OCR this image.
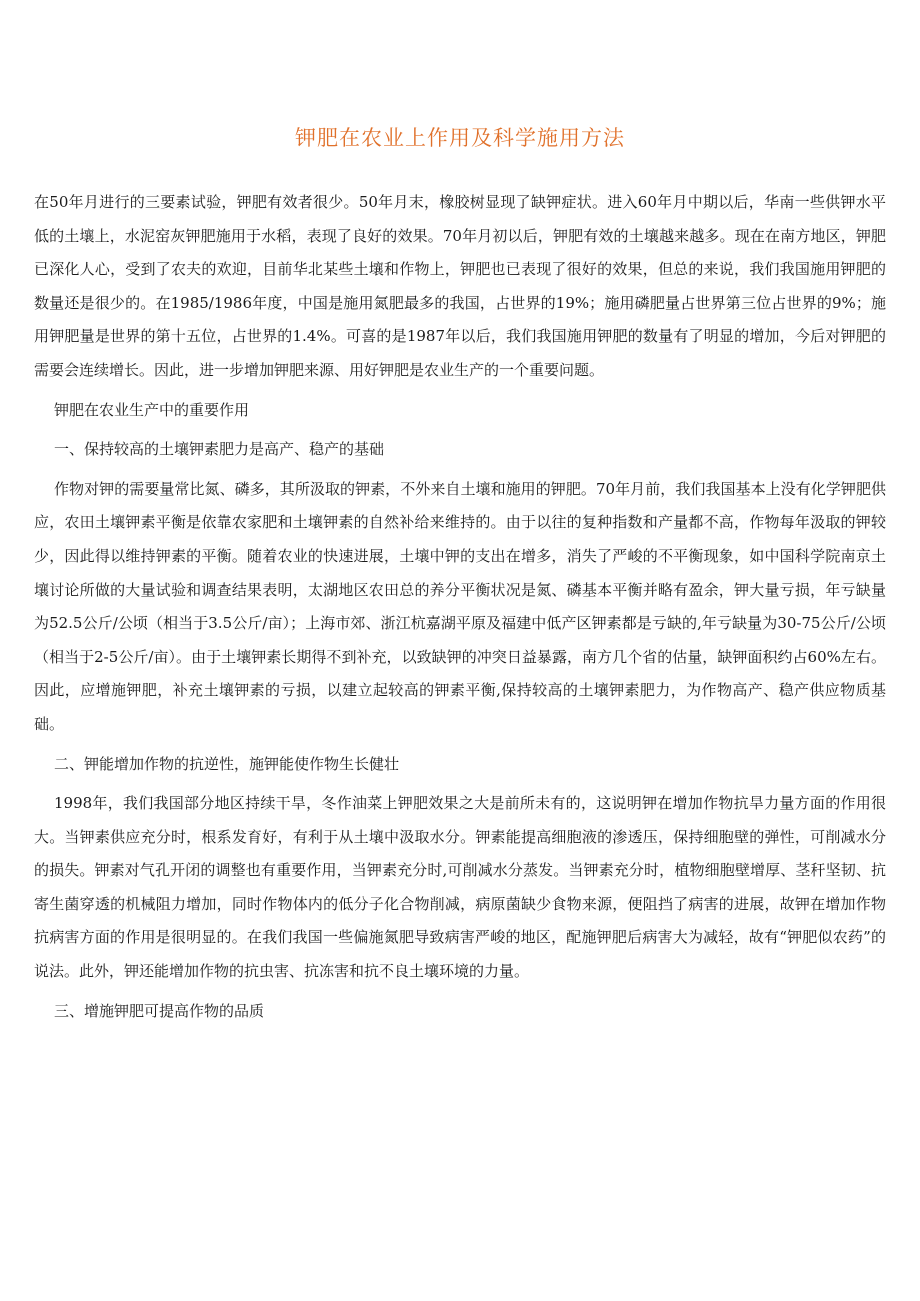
钾肥在农业上作用及科学施用方法

在50年月进行的三要素试验，钾肥有效者很少。50年月末，橡胶树显现了缺钾症状。进入60年月中期以后，华南一些供钾水平低的土壤上，水泥窑灰钾肥施用于水稻，表现了良好的效果。70年月初以后，钾肥有效的土壤越来越多。现在在南方地区，钾肥已深化人心，受到了农夫的欢迎，目前华北某些土壤和作物上，钾肥也已表现了很好的效果，但总的来说，我们我国施用钾肥的数量还是很少的。在1985/1986年度，中国是施用氮肥最多的我国，占世界的19%；施用磷肥量占世界第三位占世界的9%；施用钾肥量是世界的第十五位，占世界的1.4%。可喜的是1987年以后，我们我国施用钾肥的数量有了明显的增加，今后对钾肥的需要会连续增长。因此，进一步增加钾肥来源、用好钾肥是农业生产的一个重要问题。

钾肥在农业生产中的重要作用

一、保持较高的土壤钾素肥力是高产、稳产的基础

作物对钾的需要量常比氮、磷多，其所汲取的钾素，不外来自土壤和施用的钾肥。70年月前，我们我国基本上没有化学钾肥供应，农田土壤钾素平衡是依靠农家肥和土壤钾素的自然补给来维持的。由于以往的复种指数和产量都不高，作物每年汲取的钾较少，因此得以维持钾素的平衡。随着农业的快速进展，土壤中钾的支出在增多，消失了严峻的不平衡现象，如中国科学院南京土壤讨论所做的大量试验和调查结果表明，太湖地区农田总的养分平衡状况是氮、磷基本平衡并略有盈余，钾大量亏损，年亏缺量为52.5公斤/公顷（相当于3.5公斤/亩）；上海市郊、浙江杭嘉湖平原及福建中低产区钾素都是亏缺的,年亏缺量为30-75公斤/公顷（相当于2-5公斤/亩）。由于土壤钾素长期得不到补充，以致缺钾的冲突日益暴露，南方几个省的估量，缺钾面积约占60%左右。因此，应增施钾肥，补充土壤钾素的亏损，以建立起较高的钾素平衡,保持较高的土壤钾素肥力，为作物高产、稳产供应物质基础。

二、钾能增加作物的抗逆性，施钾能使作物生长健壮

1998年，我们我国部分地区持续干旱，冬作油菜上钾肥效果之大是前所未有的，这说明钾在增加作物抗旱力量方面的作用很大。当钾素供应充分时，根系发育好，有利于从土壤中汲取水分。钾素能提高细胞液的渗透压，保持细胞壁的弹性，可削减水分的损失。钾素对气孔开闭的调整也有重要作用，当钾素充分时,可削减水分蒸发。当钾素充分时，植物细胞壁增厚、茎秆坚韧、抗寄生菌穿透的机械阻力增加，同时作物体内的低分子化合物削减，病原菌缺少食物来源，便阻挡了病害的进展，故钾在增加作物抗病害方面的作用是很明显的。在我们我国一些偏施氮肥导致病害严峻的地区，配施钾肥后病害大为减轻，故有“钾肥似农药”的说法。此外，钾还能增加作物的抗虫害、抗冻害和抗不良土壤环境的力量。

三、增施钾肥可提高作物的品质
